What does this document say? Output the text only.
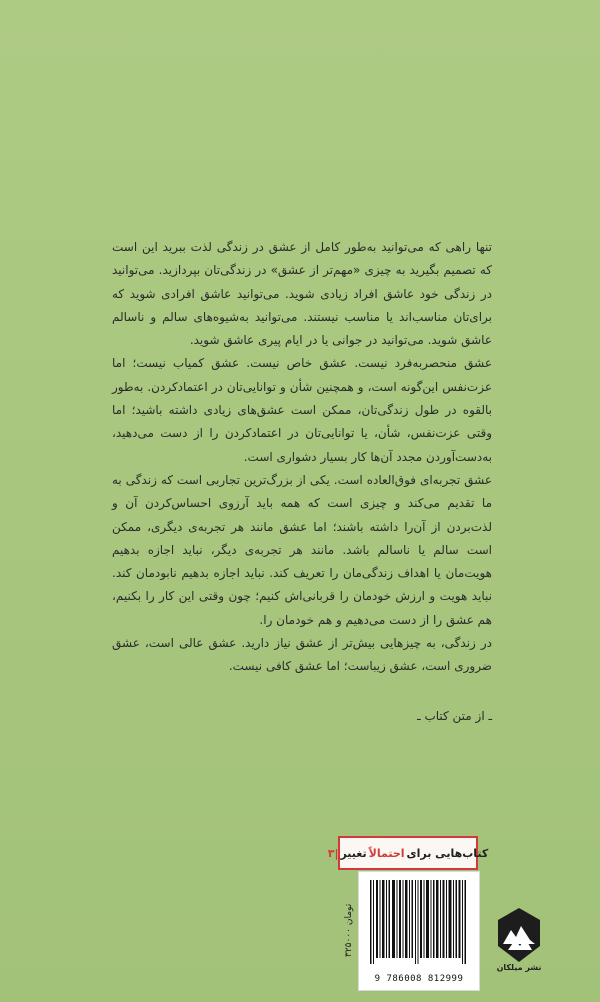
تنها راهی که می‌توانید به‌طور کامل از عشق در زندگی لذت ببرید این است که تصمیم بگیرید به چیزی «مهم‌تر از عشق» در زندگی‌تان بپردازید. می‌توانید در زندگی خود عاشق افراد زیادی شوید. می‌توانید عاشق افرادی شوید که برای‌تان مناسب‌اند یا مناسب نیستند. می‌توانید به‌شیوه‌های سالم و ناسالم عاشق شوید. می‌توانید در جوانی یا در ایام پیری عاشق شوید.

عشق منحصربه‌فرد نیست. عشق خاص نیست. عشق کمیاب نیست؛ اما عزت‌نفس این‌گونه است، و همچنین شأن و توانایی‌تان در اعتمادکردن. به‌طور بالقوه در طول زندگی‌تان، ممکن است عشق‌های زیادی داشته باشید؛ اما وقتی عزت‌نفس، شأن، یا توانایی‌تان در اعتمادکردن را از دست می‌دهید، به‌دست‌آوردن مجدد آن‌ها کار بسیار دشواری است.

عشق تجربه‌ای فوق‌العاده است. یکی از بزرگ‌ترین تجاربی است که زندگی به ما تقدیم می‌کند و چیزی است که همه باید آرزوی احساس‌کردن آن و لذت‌بردن از آن‌را داشته باشند؛ اما عشق مانند هر تجربه‌ی دیگری، ممکن است سالم یا ناسالم باشد. مانند هر تجربه‌ی دیگر، نباید اجازه بدهیم هویت‌مان یا اهداف زندگی‌مان را تعریف کند. نباید اجازه بدهیم نابودمان کند. نباید هویت و ارزش خودمان را قربانی‌اش کنیم؛ چون وقتی این کار را بکنیم، هم عشق را از دست می‌دهیم و هم خودمان را.

در زندگی، به چیزهایی بیش‌تر از عشق نیاز دارید. عشق عالی است، عشق ضروری است، عشق زیباست؛ اما عشق کافی نیست.

ـ از متن کتاب ـ
کتاب‌هایی برای
احتمالاً
تغییر
|۳
۳۲۵۰۰۰ تومان
9 786008 812999
نشر میلکان
